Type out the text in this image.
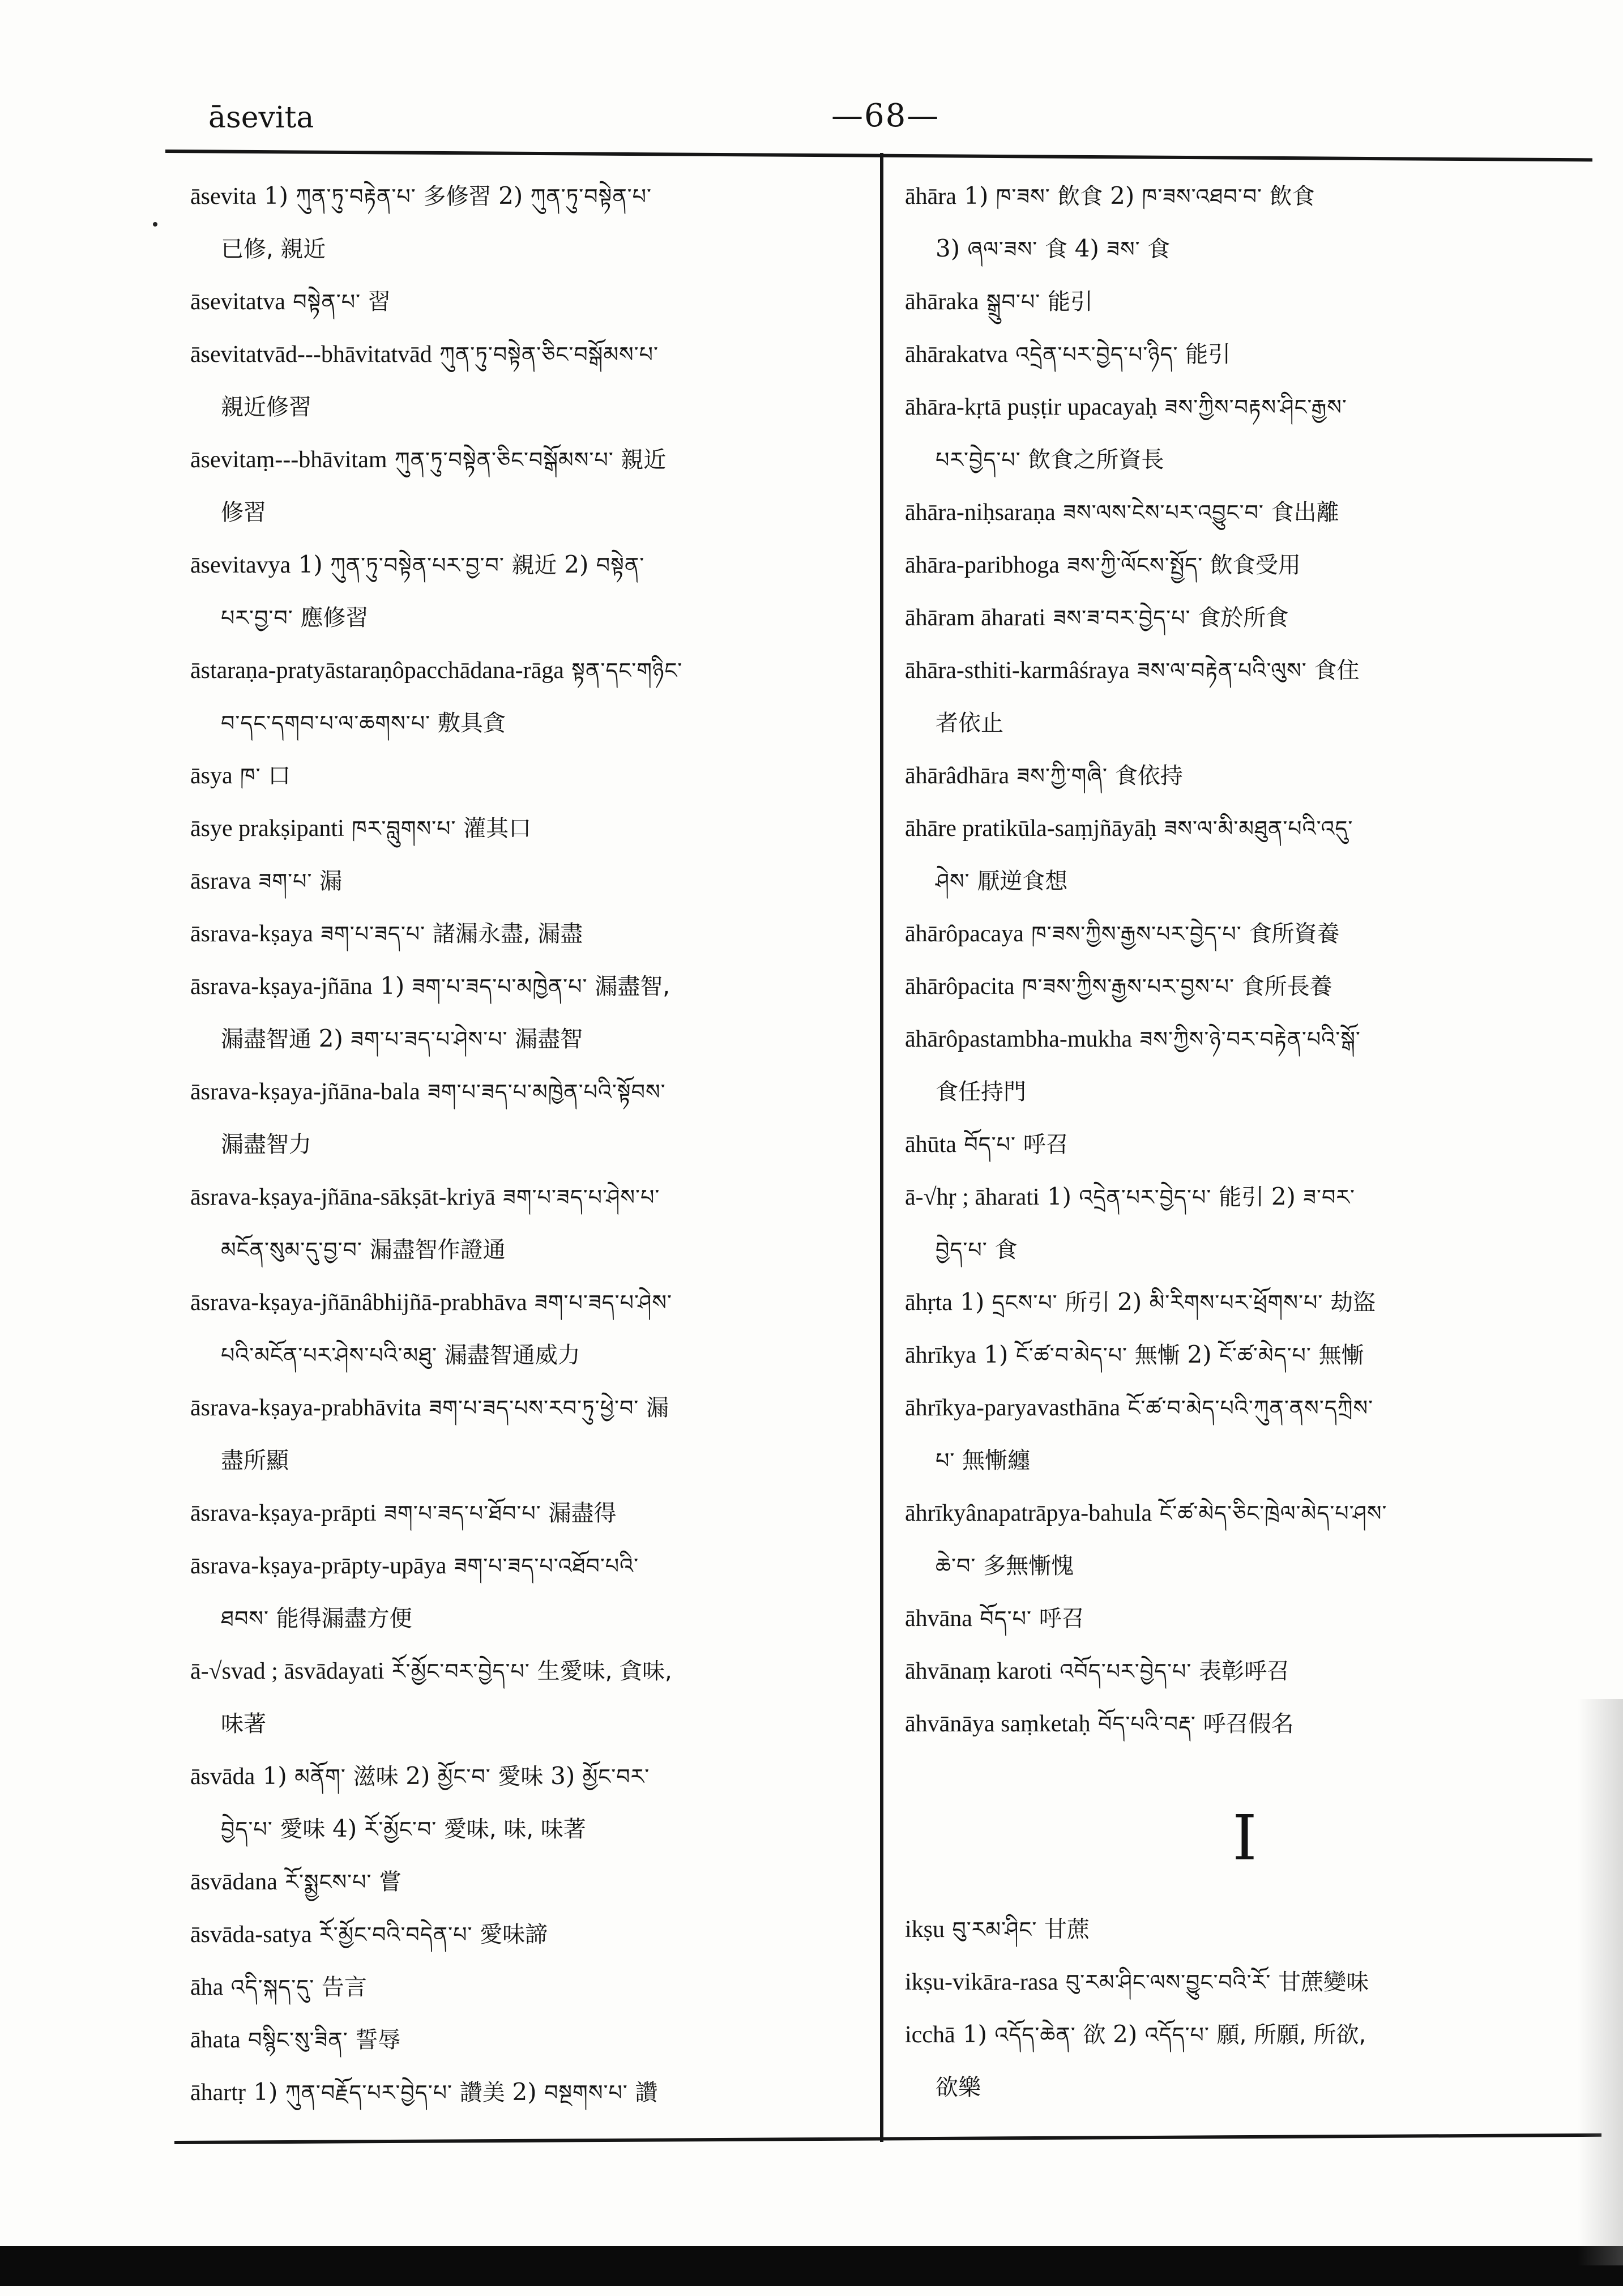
āsevita	—68—
āsevita 1) ཀུན་ཏུ་བརྟེན་པ་ 多修習 2) ཀུན་ཏུ་བསྟེན་པ་
已修, 親近
āsevitatva བསྟེན་པ་ 習
āsevitatvād---bhāvitatvād ཀུན་ཏུ་བསྟེན་ཅིང་བསྒོམས་པ་
親近修習
āsevitaṃ---bhāvitam ཀུན་ཏུ་བསྟེན་ཅིང་བསྒོམས་པ་ 親近
修習
āsevitavya 1) ཀུན་ཏུ་བསྟེན་པར་བྱ་བ་ 親近 2) བསྟེན་
པར་བྱ་བ་ 應修習
āstaraṇa-pratyāstaraṇôpacchādana-rāga སྟན་དང་གཉིང་
བ་དང་དགབ་པ་ལ་ཆགས་པ་ 敷具貪
āsya ཁ་ 口
āsye prakṣipanti ཁར་བླུགས་པ་ 灌其口
āsrava ཟག་པ་ 漏
āsrava-kṣaya ཟག་པ་ཟད་པ་ 諸漏永盡, 漏盡
āsrava-kṣaya-jñāna 1) ཟག་པ་ཟད་པ་མཁྱེན་པ་ 漏盡智,
漏盡智通 2) ཟག་པ་ཟད་པ་ཤེས་པ་ 漏盡智
āsrava-kṣaya-jñāna-bala ཟག་པ་ཟད་པ་མཁྱེན་པའི་སྟོབས་
漏盡智力
āsrava-kṣaya-jñāna-sākṣāt-kriyā ཟག་པ་ཟད་པ་ཤེས་པ་
མངོན་སུམ་དུ་བྱ་བ་ 漏盡智作證通
āsrava-kṣaya-jñānâbhijñā-prabhāva ཟག་པ་ཟད་པ་ཤེས་
པའི་མངོན་པར་ཤེས་པའི་མཐུ་ 漏盡智通威力
āsrava-kṣaya-prabhāvita ཟག་པ་ཟད་པས་རབ་ཏུ་ཕྱེ་བ་ 漏
盡所顯
āsrava-kṣaya-prāpti ཟག་པ་ཟད་པ་ཐོབ་པ་ 漏盡得
āsrava-kṣaya-prāpty-upāya ཟག་པ་ཟད་པ་འཐོབ་པའི་
ཐབས་ 能得漏盡方便
ā-√svad ; āsvādayati རོ་མྱོང་བར་བྱེད་པ་ 生愛味, 貪味,
味著
āsvāda 1) མནོག་ 滋味 2) མྱོང་བ་ 愛味 3) མྱོང་བར་
བྱེད་པ་ 愛味 4) རོ་མྱོང་བ་ 愛味, 味, 味著
āsvādana རོ་སྨྱངས་པ་ 嘗
āsvāda-satya རོ་མྱོང་བའི་བདེན་པ་ 愛味諦
āha འདི་སྐད་དུ་ 告言
āhata བསྙིང་སུ་ཟིན་ 誓辱
āhartṛ 1) ཀུན་བརྗོད་པར་བྱེད་པ་ 讚美 2) བསྔགས་པ་ 讚
āhāra 1) ཁ་ཟས་ 飲食 2) ཁ་ཟས་འཐབ་བ་ 飲食
3) ཞལ་ཟས་ 食 4) ཟས་ 食
āhāraka སྒྲུབ་པ་ 能引
āhārakatva འདྲེན་པར་བྱེད་པ་ཉིད་ 能引
āhāra-kṛtā puṣṭir upacayaḥ ཟས་ཀྱིས་བརྟས་ཤིང་རྒྱས་
པར་བྱེད་པ་ 飲食之所資長
āhāra-niḥsaraṇa ཟས་ལས་ངེས་པར་འབྱུང་བ་ 食出離
āhāra-paribhoga ཟས་ཀྱི་ལོངས་སྤྱོད་ 飲食受用
āhāram āharati ཟས་ཟ་བར་བྱེད་པ་ 食於所食
āhāra-sthiti-karmâśraya ཟས་ལ་བརྟེན་པའི་ལུས་ 食住
者依止
āhārâdhāra ཟས་ཀྱི་གཞི་ 食依持
āhāre pratikūla-saṃjñāyāḥ ཟས་ལ་མི་མཐུན་པའི་འདུ་
ཤེས་ 厭逆食想
āhārôpacaya ཁ་ཟས་ཀྱིས་རྒྱས་པར་བྱེད་པ་ 食所資養
āhārôpacita ཁ་ཟས་ཀྱིས་རྒྱས་པར་བྱས་པ་ 食所長養
āhārôpastambha-mukha ཟས་ཀྱིས་ཉེ་བར་བརྟེན་པའི་སྒོ་
食任持門
āhūta བོད་པ་ 呼召
ā-√hṛ ; āharati 1) འདྲེན་པར་བྱེད་པ་ 能引 2) ཟ་བར་
བྱེད་པ་ 食
āhṛta 1) དྲངས་པ་ 所引 2) མི་རིགས་པར་ཕྲོགས་པ་ 劫盜
āhrīkya 1) ངོ་ཚ་བ་མེད་པ་ 無慚 2) ངོ་ཚ་མེད་པ་ 無慚
āhrīkya-paryavasthāna ངོ་ཚ་བ་མེད་པའི་ཀུན་ནས་དཀྲིས་
པ་ 無慚纏
āhrīkyânapatrāpya-bahula ངོ་ཚ་མེད་ཅིང་ཁྲེལ་མེད་པ་ཤས་
ཆེ་བ་ 多無慚愧
āhvāna བོད་པ་ 呼召
āhvānaṃ karoti འབོད་པར་བྱེད་པ་ 表彰呼召
āhvānāya saṃketaḥ བོད་པའི་བརྡ་ 呼召假名
I
ikṣu བུ་རམ་ཤིང་ 甘蔗
ikṣu-vikāra-rasa བུ་རམ་ཤིང་ལས་བྱུང་བའི་རོ་ 甘蔗變味
icchā 1) འདོད་ཆེན་ 欲 2) འདོད་པ་ 願, 所願, 所欲,
欲樂
